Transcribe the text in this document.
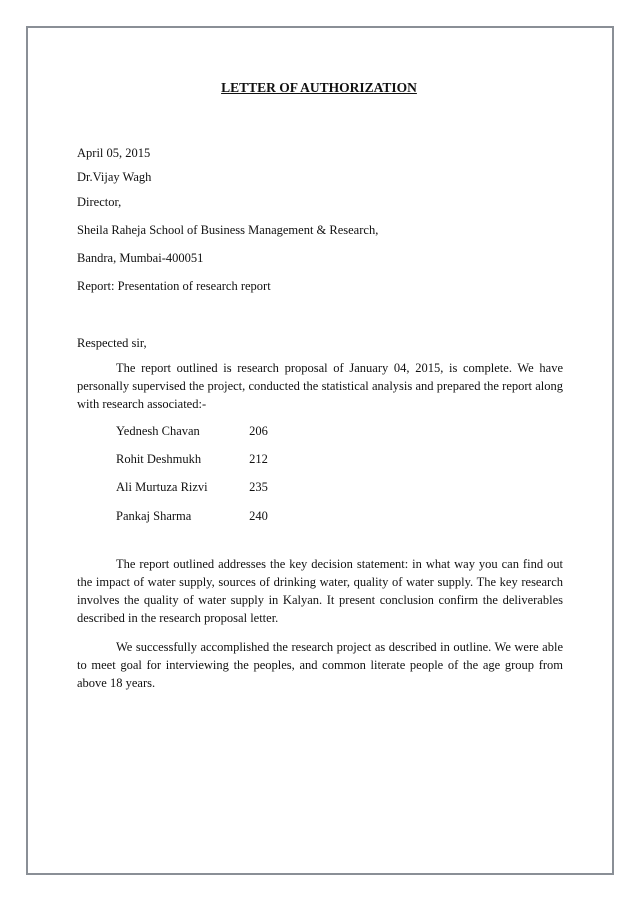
LETTER OF AUTHORIZATION

April 05, 2015

Dr.Vijay Wagh

Director,

Sheila Raheja School of Business Management & Research,

Bandra, Mumbai-400051

Report: Presentation of research report

Respected sir,

The report outlined is research proposal of January 04, 2015, is complete. We have personally supervised the project, conducted the statistical analysis and prepared the report along with research associated:-

Yednesh Chavan	206
Rohit Deshmukh	212
Ali Murtuza Rizvi	235
Pankaj Sharma	240

The report outlined addresses the key decision statement: in what way you can find out the impact of water supply, sources of drinking water, quality of water supply. The key research involves the quality of water supply in Kalyan. It present conclusion confirm the deliverables described in the research proposal letter.

We successfully accomplished the research project as described in outline. We were able to meet goal for interviewing the peoples, and common literate people of the age group from above 18 years.
